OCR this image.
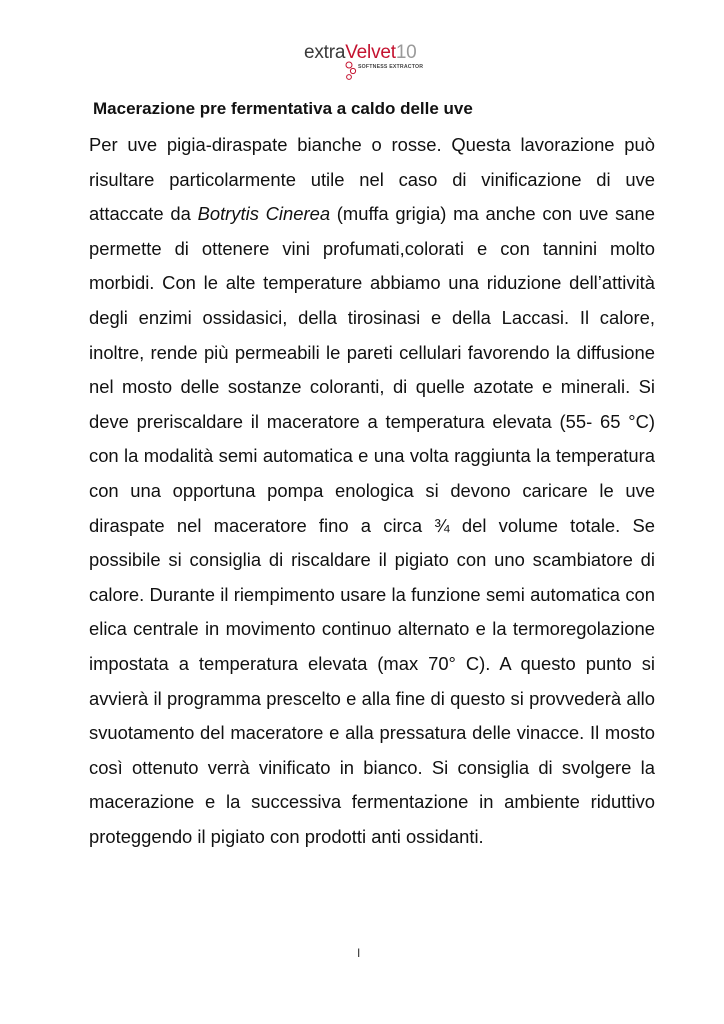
extraVelvet10
SOFTNESS EXTRACTOR
Macerazione pre fermentativa a caldo delle uve

Per uve pigia-diraspate bianche o rosse. Questa lavorazione può risultare particolarmente utile nel caso di vinificazione di uve attaccate da Botrytis Cinerea (muffa grigia) ma anche con uve sane permette di ottenere vini profumati,colorati e con tannini molto morbidi. Con le alte temperature abbiamo una riduzione dell’attività degli enzimi ossidasici, della tirosinasi e della Laccasi. Il calore, inoltre, rende più permeabili le pareti cellulari favorendo la diffusione nel mosto delle sostanze coloranti, di quelle azotate e minerali. Si deve preriscaldare il maceratore a temperatura elevata (55- 65 °C) con la modalità semi automatica e una volta raggiunta la temperatura con una opportuna pompa enologica si devono caricare le uve diraspate nel maceratore fino a circa ¾ del volume totale. Se possibile si consiglia di riscaldare il pigiato con uno scambiatore di calore. Durante il riempimento usare la funzione semi automatica con elica centrale in movimento continuo alternato e la termoregolazione impostata a temperatura elevata (max 70° C). A questo punto si avvierà il programma prescelto e alla fine di questo si provvederà allo svuotamento del maceratore e alla pressatura delle vinacce. Il mosto così ottenuto verrà vinificato in bianco. Si consiglia di svolgere la macerazione e la successiva fermentazione in ambiente riduttivo proteggendo il pigiato con prodotti anti ossidanti.

I
